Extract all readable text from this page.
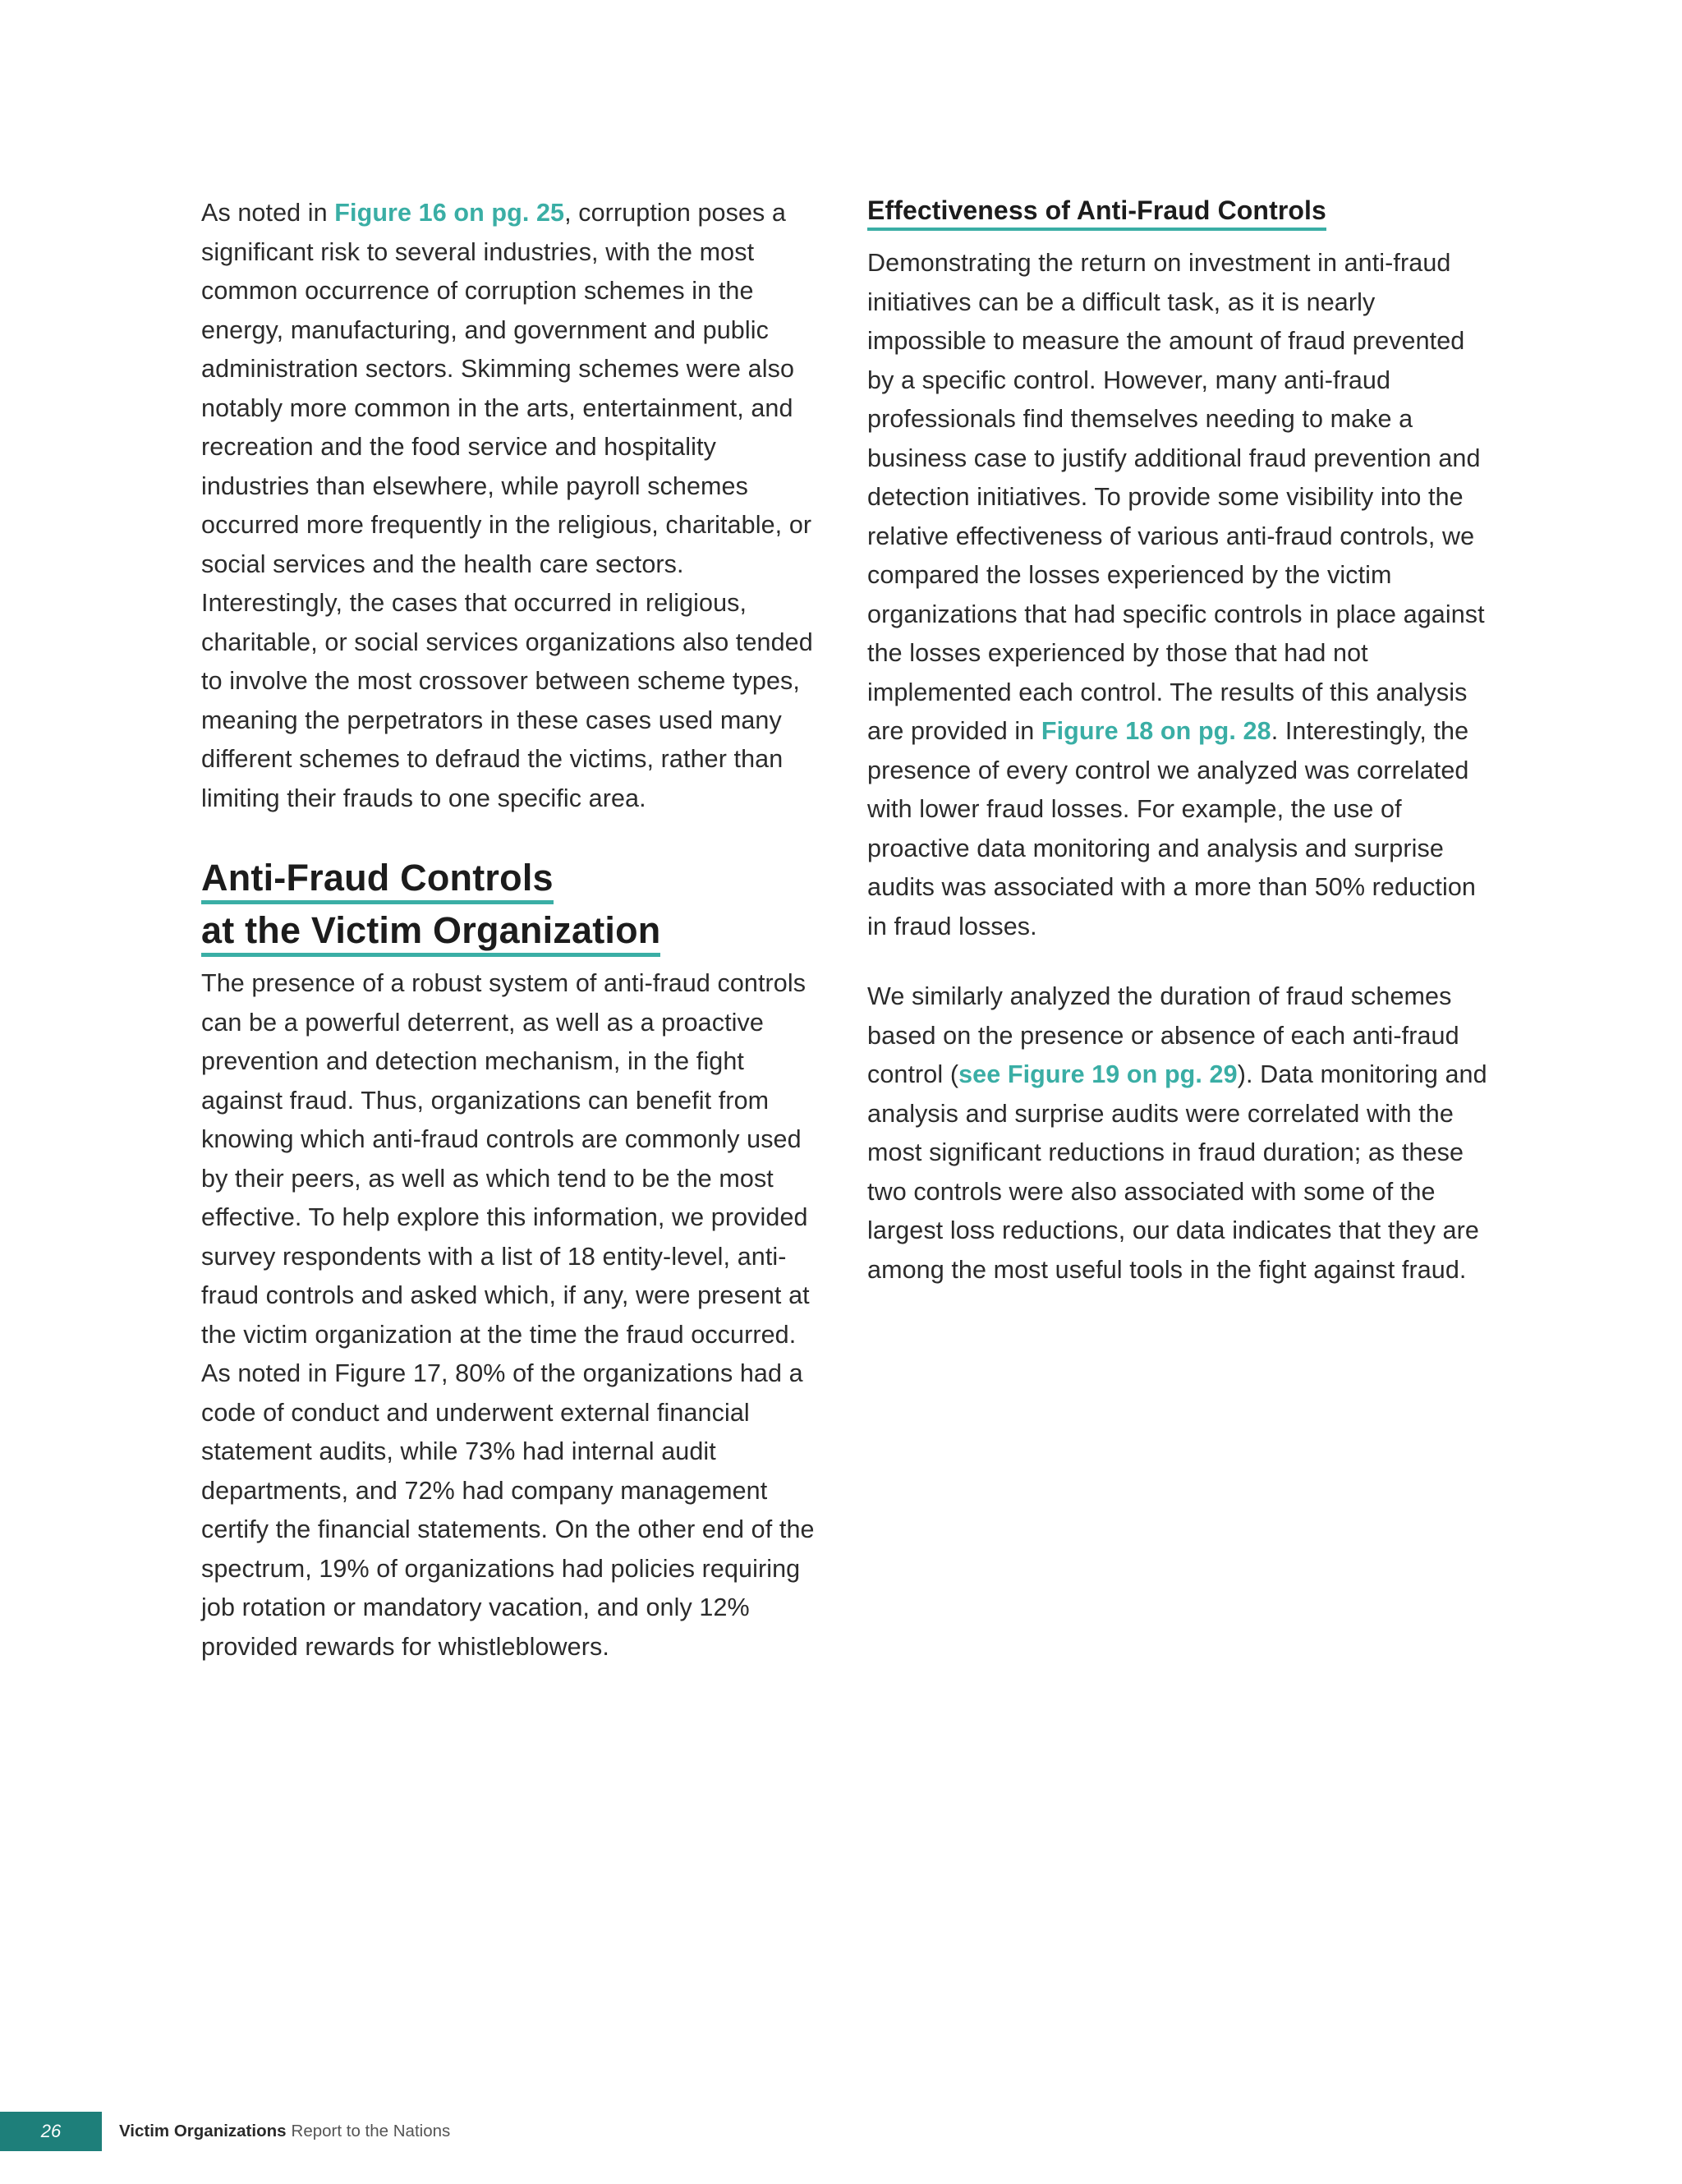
As noted in Figure 16 on pg. 25, corruption poses a significant risk to several industries, with the most common occurrence of corruption schemes in the energy, manufacturing, and government and public administration sectors. Skimming schemes were also notably more common in the arts, entertainment, and recreation and the food service and hospitality industries than elsewhere, while payroll schemes occurred more frequently in the religious, charitable, or social services and the health care sectors. Interestingly, the cases that occurred in religious, charitable, or social services organizations also tended to involve the most crossover between scheme types, meaning the perpetrators in these cases used many different schemes to defraud the victims, rather than limiting their frauds to one specific area.

Anti-Fraud Controls
at the Victim Organization

The presence of a robust system of anti-fraud controls can be a powerful deterrent, as well as a proactive prevention and detection mechanism, in the fight against fraud. Thus, organizations can benefit from knowing which anti-fraud controls are commonly used by their peers, as well as which tend to be the most effective. To help explore this information, we provided survey respondents with a list of 18 entity-level, anti-fraud controls and asked which, if any, were present at the victim organization at the time the fraud occurred. As noted in Figure 17, 80% of the organizations had a code of conduct and underwent external financial statement audits, while 73% had internal audit departments, and 72% had company management certify the financial statements. On the other end of the spectrum, 19% of organizations had policies requiring job rotation or mandatory vacation, and only 12% provided rewards for whistleblowers.

Effectiveness of Anti-Fraud Controls

Demonstrating the return on investment in anti-fraud initiatives can be a difficult task, as it is nearly impossible to measure the amount of fraud prevented by a specific control. However, many anti-fraud professionals find themselves needing to make a business case to justify additional fraud prevention and detection initiatives. To provide some visibility into the relative effectiveness of various anti-fraud controls, we compared the losses experienced by the victim organizations that had specific controls in place against the losses experienced by those that had not implemented each control. The results of this analysis are provided in Figure 18 on pg. 28. Interestingly, the presence of every control we analyzed was correlated with lower fraud losses. For example, the use of proactive data monitoring and analysis and surprise audits was associated with a more than 50% reduction in fraud losses.

We similarly analyzed the duration of fraud schemes based on the presence or absence of each anti-fraud control (see Figure 19 on pg. 29). Data monitoring and analysis and surprise audits were correlated with the most significant reductions in fraud duration; as these two controls were also associated with some of the largest loss reductions, our data indicates that they are among the most useful tools in the fight against fraud.

26	Victim Organizations Report to the Nations
